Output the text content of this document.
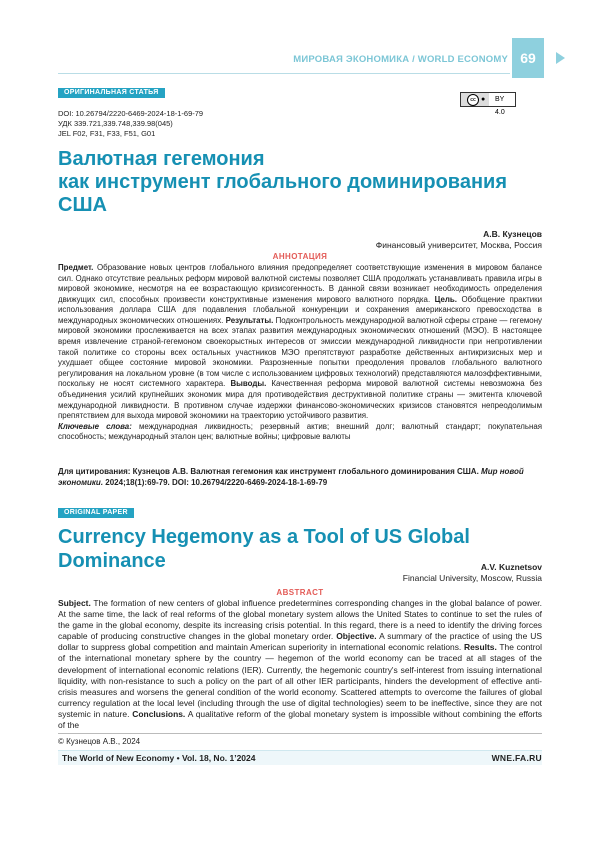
МИРОВАЯ ЭКОНОМИКА / WORLD ECONOMY 69
ОРИГИНАЛЬНАЯ СТАТЬЯ
cc ● BY 4.0
DOI: 10.26794/2220-6469-2024-18-1-69-79
УДК 339.721,339.748,339.98(045)
JEL F02, F31, F33, F51, G01
Валютная гегемония
как инструмент глобального доминирования США
А.В. Кузнецов
Финансовый университет, Москва, Россия
АННОТАЦИЯ
Предмет. Образование новых центров глобального влияния предопределяет соответствующие изменения в мировом балансе сил. Однако отсутствие реальных реформ мировой валютной системы позволяет США продолжать устанавливать правила игры в мировой экономике, несмотря на ее возрастающую кризисогенность. В данной связи возникает необходимость определения движущих сил, способных произвести конструктивные изменения мирового валютного порядка. Цель. Обобщение практики использования доллара США для подавления глобальной конкуренции и сохранения американского превосходства в международных экономических отношениях. Результаты. Подконтрольность международной валютной сферы стране — гегемону мировой экономики прослеживается на всех этапах развития международных экономических отношений (МЭО). В настоящее время извлечение страной-гегемоном своекорыстных интересов от эмиссии международной ликвидности при непротивлении такой политике со стороны всех остальных участников МЭО препятствуют разработке действенных антикризисных мер и ухудшает общее состояние мировой экономики. Разрозненные попытки преодоления провалов глобального валютного регулирования на локальном уровне (в том числе с использованием цифровых технологий) представляются малоэффективными, поскольку не носят системного характера. Выводы. Качественная реформа мировой валютной системы невозможна без объединения усилий крупнейших экономик мира для противодействия деструктивной политике страны — эмитента ключевой международной ликвидности. В противном случае издержки финансово-экономических кризисов становятся непреодолимым препятствием для выхода мировой экономики на траекторию устойчивого развития.
Ключевые слова: международная ликвидность; резервный актив; внешний долг; валютный стандарт; покупательная способность; международный эталон цен; валютные войны; цифровые валюты
Для цитирования: Кузнецов А.В. Валютная гегемония как инструмент глобального доминирования США. Мир новой экономики. 2024;18(1):69-79. DOI: 10.26794/2220-6469-2024-18-1-69-79
ORIGINAL PAPER
Currency Hegemony as a Tool of US Global Dominance	A.V. Kuznetsov
Financial University, Moscow, Russia
ABSTRACT
Subject. The formation of new centers of global influence predetermines corresponding changes in the global balance of power. At the same time, the lack of real reforms of the global monetary system allows the United States to continue to set the rules of the game in the global economy, despite its increasing crisis potential. In this regard, there is a need to identify the driving forces capable of producing constructive changes in the global monetary order. Objective. A summary of the practice of using the US dollar to suppress global competition and maintain American superiority in international economic relations. Results. The control of the international monetary sphere by the country — hegemon of the world economy can be traced at all stages of the development of international economic relations (IER). Currently, the hegemonic country's self-interest from issuing international liquidity, with non-resistance to such a policy on the part of all other IER participants, hinders the development of effective anti-crisis measures and worsens the general condition of the world economy. Scattered attempts to overcome the failures of global currency regulation at the local level (including through the use of digital technologies) seem to be ineffective, since they are not systemic in nature. Conclusions. A qualitative reform of the global monetary system is impossible without combining the efforts of the
© Кузнецов А.В., 2024
The World of New Economy • Vol. 18, No. 1’2024	WNE.FA.RU
